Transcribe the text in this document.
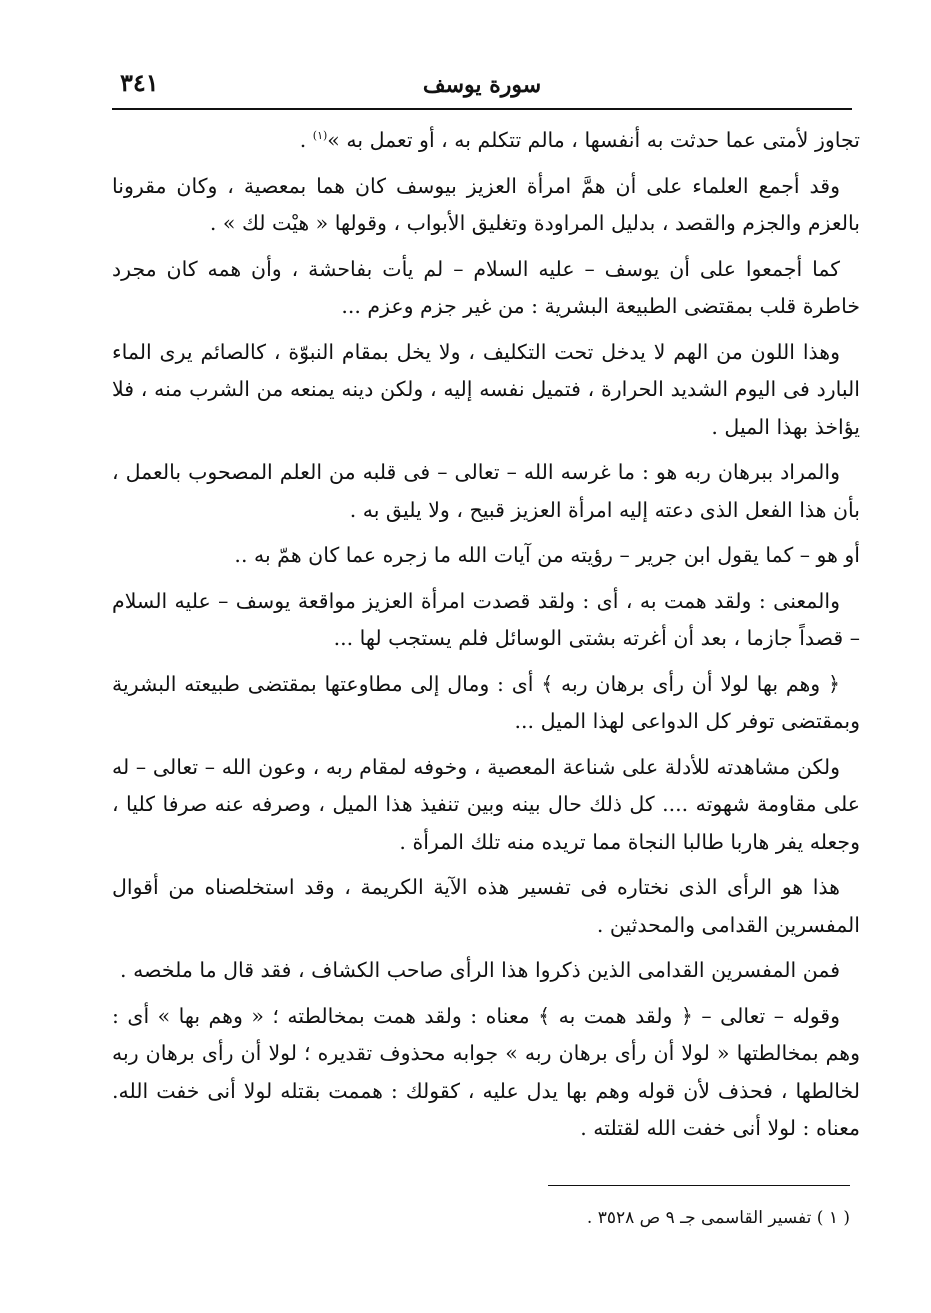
سورة يوسف
٣٤١

تجاوز لأمتى عما حدثت به أنفسها ، مالم تتكلم به ، أو تعمل به »$^{(١)}$ .

وقد أجمع العلماء على أن همَّ امرأة العزيز بيوسف كان هما بمعصية ، وكان مقرونا بالعزم والجزم والقصد ، بدليل المراودة وتغليق الأبواب ، وقولها « هيْت لك » .

كما أجمعوا على أن يوسف – عليه السلام – لم يأت بفاحشة ، وأن همه كان مجرد خاطرة قلب بمقتضى الطبيعة البشرية : من غير جزم وعزم ...

وهذا اللون من الهم لا يدخل تحت التكليف ، ولا يخل بمقام النبوّة ، كالصائم يرى الماء البارد فى اليوم الشديد الحرارة ، فتميل نفسه إليه ، ولكن دينه يمنعه من الشرب منه ، فلا يؤاخذ بهذا الميل .

والمراد ببرهان ربه هو : ما غرسه الله – تعالى – فى قلبه من العلم المصحوب بالعمل ، بأن هذا الفعل الذى دعته إليه امرأة العزيز قبيح ، ولا يليق به .

أو هو – كما يقول ابن جرير – رؤيته من آيات الله ما زجره عما كان همّ به ..

والمعنى : ولقد همت به ، أى : ولقد قصدت امرأة العزيز مواقعة يوسف – عليه السلام – قصداً جازما ، بعد أن أغرته بشتى الوسائل فلم يستجب لها ...

﴿ وهم بها لولا أن رأى برهان ربه ﴾ أى : ومال إلى مطاوعتها بمقتضى طبيعته البشرية وبمقتضى توفر كل الدواعى لهذا الميل ...

ولكن مشاهدته للأدلة على شناعة المعصية ، وخوفه لمقام ربه ، وعون الله – تعالى – له على مقاومة شهوته .... كل ذلك حال بينه وبين تنفيذ هذا الميل ، وصرفه عنه صرفا كليا ، وجعله يفر هاربا طالبا النجاة مما تريده منه تلك المرأة .

هذا هو الرأى الذى نختاره فى تفسير هذه الآية الكريمة ، وقد استخلصناه من أقوال المفسرين القدامى والمحدثين .

فمن المفسرين القدامى الذين ذكروا هذا الرأى صاحب الكشاف ، فقد قال ما ملخصه .

وقوله – تعالى – ﴿ ولقد همت به ﴾ معناه : ولقد همت بمخالطته ؛ « وهم بها » أى : وهم بمخالطتها « لولا أن رأى برهان ربه » جوابه محذوف تقديره ؛ لولا أن رأى برهان ربه لخالطها ، فحذف لأن قوله وهم بها يدل عليه ، كقولك : هممت بقتله لولا أنى خفت الله. معناه : لولا أنى خفت الله لقتلته .

( ١ ) تفسير القاسمى جـ ٩ ص ٣٥٢٨ .
